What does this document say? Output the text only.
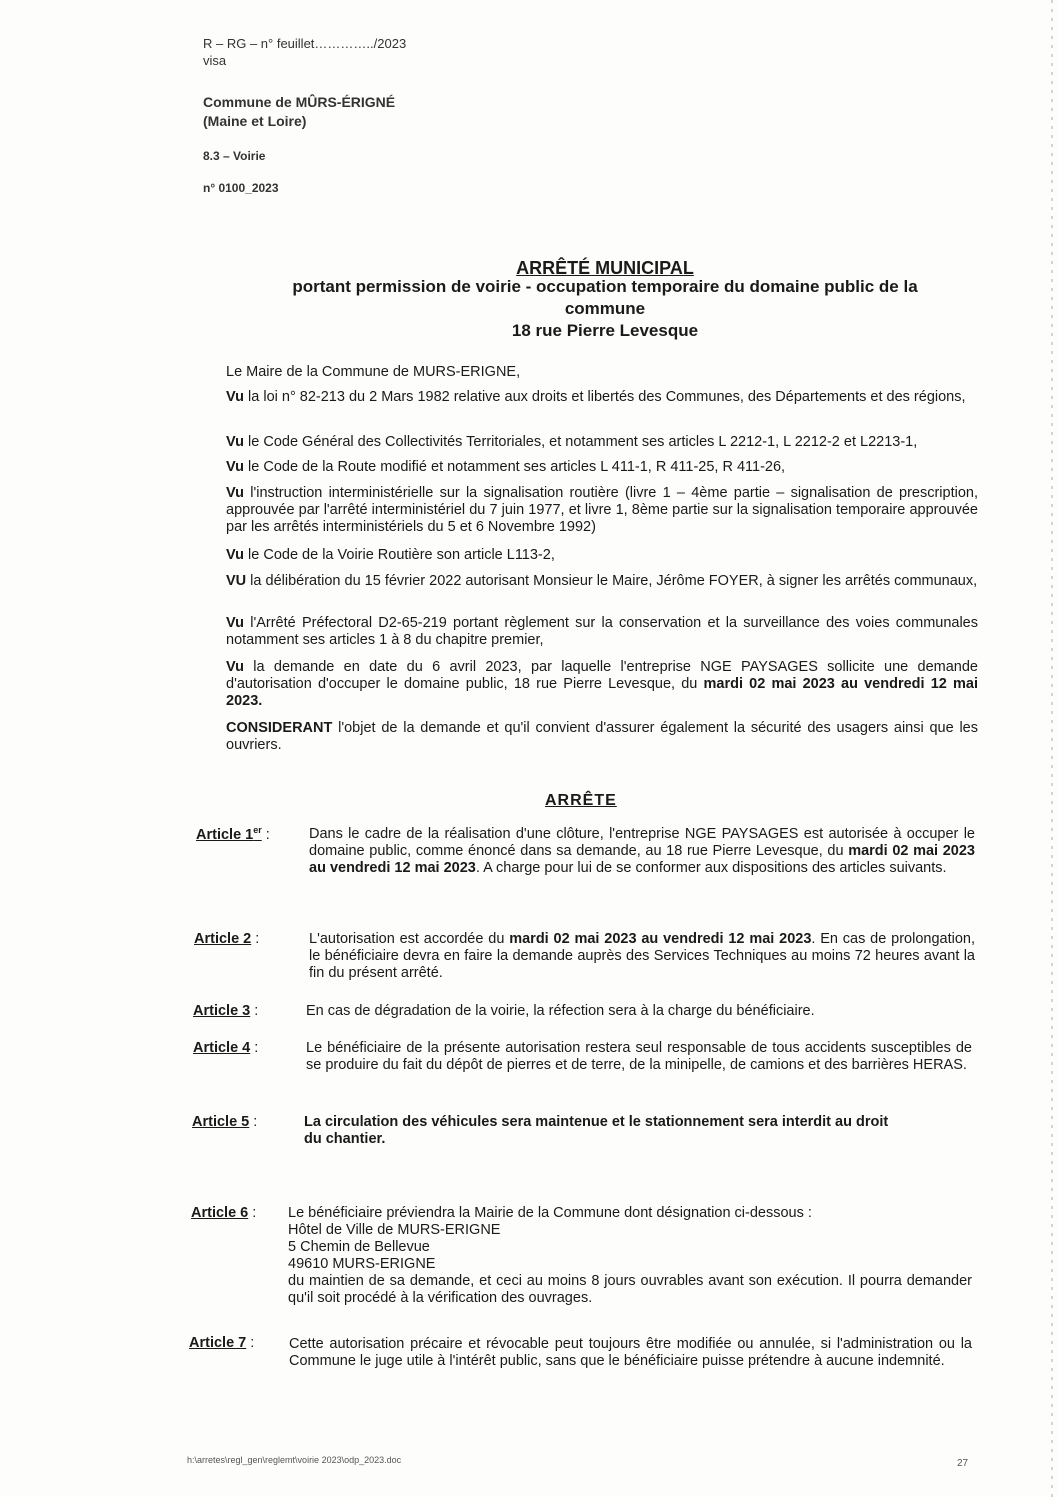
R – RG – n° feuillet…………../2023
visa
Commune de MÛRS-ÉRIGNÉ
(Maine et Loire)
8.3 – Voirie
n° 0100_2023
ARRÊTÉ MUNICIPAL
portant permission de voirie - occupation temporaire du domaine public de la
commune
18 rue Pierre Levesque
Le Maire de la Commune de MURS-ERIGNE,
Vu la loi n° 82-213 du 2 Mars 1982 relative aux droits et libertés des Communes, des Départements et des régions,
Vu le Code Général des Collectivités Territoriales, et notamment ses articles L 2212-1, L 2212-2 et L2213-1,
Vu le Code de la Route modifié et notamment ses articles L 411-1, R 411-25, R 411-26,
Vu l'instruction interministérielle sur la signalisation routière (livre 1 – 4ème partie – signalisation de prescription, approuvée par l'arrêté interministériel du 7 juin 1977, et livre 1, 8ème partie sur la signalisation temporaire approuvée par les arrêtés interministériels du 5 et 6 Novembre 1992)
Vu le Code de la Voirie Routière son article L113-2,
VU la délibération du 15 février 2022 autorisant Monsieur le Maire, Jérôme FOYER, à signer les arrêtés communaux,
Vu l'Arrêté Préfectoral D2-65-219 portant règlement sur la conservation et la surveillance des voies communales notamment ses articles 1 à 8 du chapitre premier,
Vu la demande en date du 6 avril 2023, par laquelle l'entreprise NGE PAYSAGES sollicite une demande d'autorisation d'occuper le domaine public, 18 rue Pierre Levesque, du mardi 02 mai 2023 au vendredi 12 mai 2023.
CONSIDERANT l'objet de la demande et qu'il convient d'assurer également la sécurité des usagers ainsi que les ouvriers.
ARRÊTE
Article 1er :	Dans le cadre de la réalisation d'une clôture, l'entreprise NGE PAYSAGES est autorisée à occuper le domaine public, comme énoncé dans sa demande, au 18 rue Pierre Levesque, du mardi 02 mai 2023 au vendredi 12 mai 2023. A charge pour lui de se conformer aux dispositions des articles suivants.
Article 2 :	L'autorisation est accordée du mardi 02 mai 2023 au vendredi 12 mai 2023. En cas de prolongation, le bénéficiaire devra en faire la demande auprès des Services Techniques au moins 72 heures avant la fin du présent arrêté.
Article 3 :	En cas de dégradation de la voirie, la réfection sera à la charge du bénéficiaire.
Article 4 :	Le bénéficiaire de la présente autorisation restera seul responsable de tous accidents susceptibles de se produire du fait du dépôt de pierres et de terre, de la minipelle, de camions et des barrières HERAS.
Article 5 :	La circulation des véhicules sera maintenue et le stationnement sera interdit au droit
du chantier.
Article 6 : Le bénéficiaire préviendra la Mairie de la Commune dont désignation ci-dessous :
Hôtel de Ville de MURS-ERIGNE
5 Chemin de Bellevue
49610 MURS-ERIGNE
du maintien de sa demande, et ceci au moins 8 jours ouvrables avant son exécution. Il pourra demander qu'il soit procédé à la vérification des ouvrages.
Article 7 : Cette autorisation précaire et révocable peut toujours être modifiée ou annulée, si l'administration ou la Commune le juge utile à l'intérêt public, sans que le bénéficiaire puisse prétendre à aucune indemnité.
h:\arretes\regl_gen\reglemt\voirie 2023\odp_2023.doc	27
